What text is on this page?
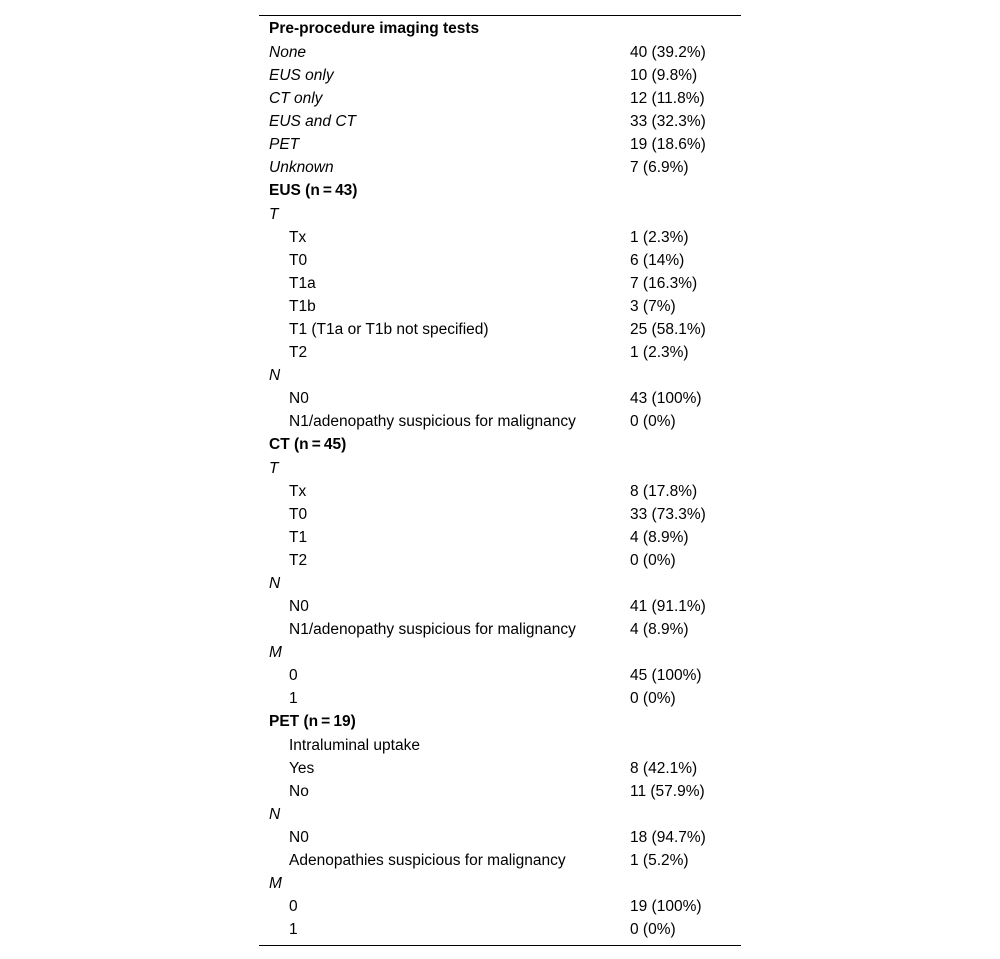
Pre-procedure imaging tests
None	40 (39.2%)
EUS only	10 (9.8%)
CT only	12 (11.8%)
EUS and CT	33 (32.3%)
PET	19 (18.6%)
Unknown	7 (6.9%)
EUS (n = 43)
T
Tx	1 (2.3%)
T0	6 (14%)
T1a	7 (16.3%)
T1b	3 (7%)
T1 (T1a or T1b not specified)	25 (58.1%)
T2	1 (2.3%)
N
N0	43 (100%)
N1/adenopathy suspicious for malignancy	0 (0%)
CT (n = 45)
T
Tx	8 (17.8%)
T0	33 (73.3%)
T1	4 (8.9%)
T2	0 (0%)
N
N0	41 (91.1%)
N1/adenopathy suspicious for malignancy	4 (8.9%)
M
0	45 (100%)
1	0 (0%)
PET (n = 19)
Intraluminal uptake
Yes	8 (42.1%)
No	11 (57.9%)
N
N0	18 (94.7%)
Adenopathies suspicious for malignancy	1 (5.2%)
M
0	19 (100%)
1	0 (0%)
